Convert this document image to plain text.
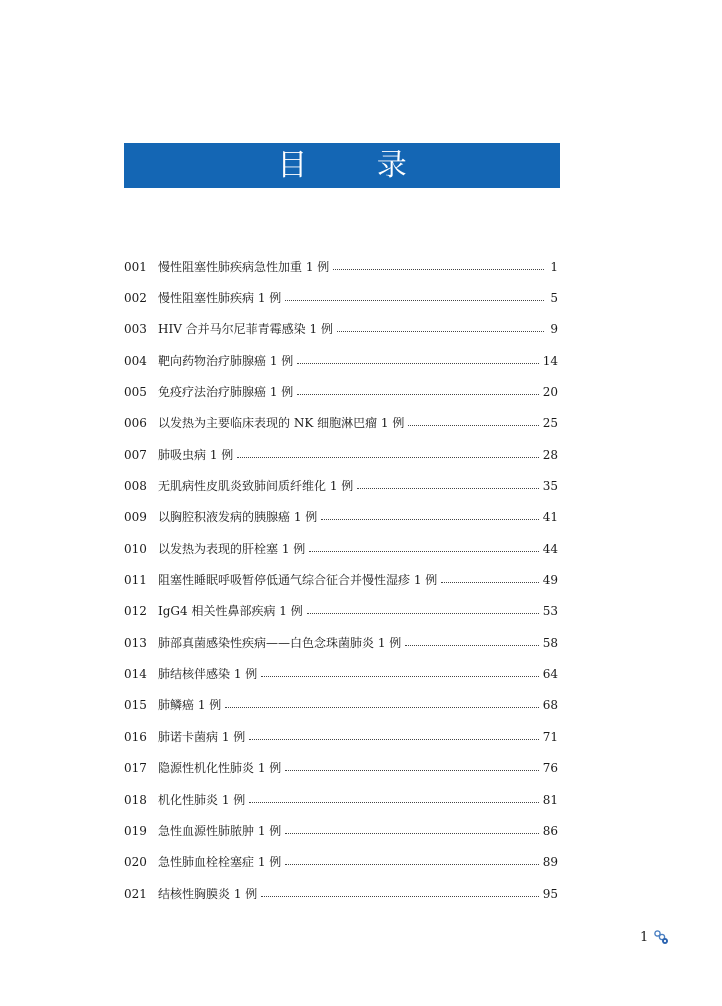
目 录
001 慢性阻塞性肺疾病急性加重 1 例	1
002 慢性阻塞性肺疾病 1 例	5
003 HIV 合并马尔尼菲青霉感染 1 例	9
004 靶向药物治疗肺腺癌 1 例	14
005 免疫疗法治疗肺腺癌 1 例	20
006 以发热为主要临床表现的 NK 细胞淋巴瘤 1 例	25
007 肺吸虫病 1 例	28
008 无肌病性皮肌炎致肺间质纤维化 1 例	35
009 以胸腔积液发病的胰腺癌 1 例	41
010 以发热为表现的肝栓塞 1 例	44
011 阻塞性睡眠呼吸暂停低通气综合征合并慢性湿疹 1 例	49
012 IgG4 相关性鼻部疾病 1 例	53
013 肺部真菌感染性疾病——白色念珠菌肺炎 1 例	58
014 肺结核伴感染 1 例	64
015 肺鳞癌 1 例	68
016 肺诺卡菌病 1 例	71
017 隐源性机化性肺炎 1 例	76
018 机化性肺炎 1 例	81
019 急性血源性肺脓肿 1 例	86
020 急性肺血栓栓塞症 1 例	89
021 结核性胸膜炎 1 例	95
1
